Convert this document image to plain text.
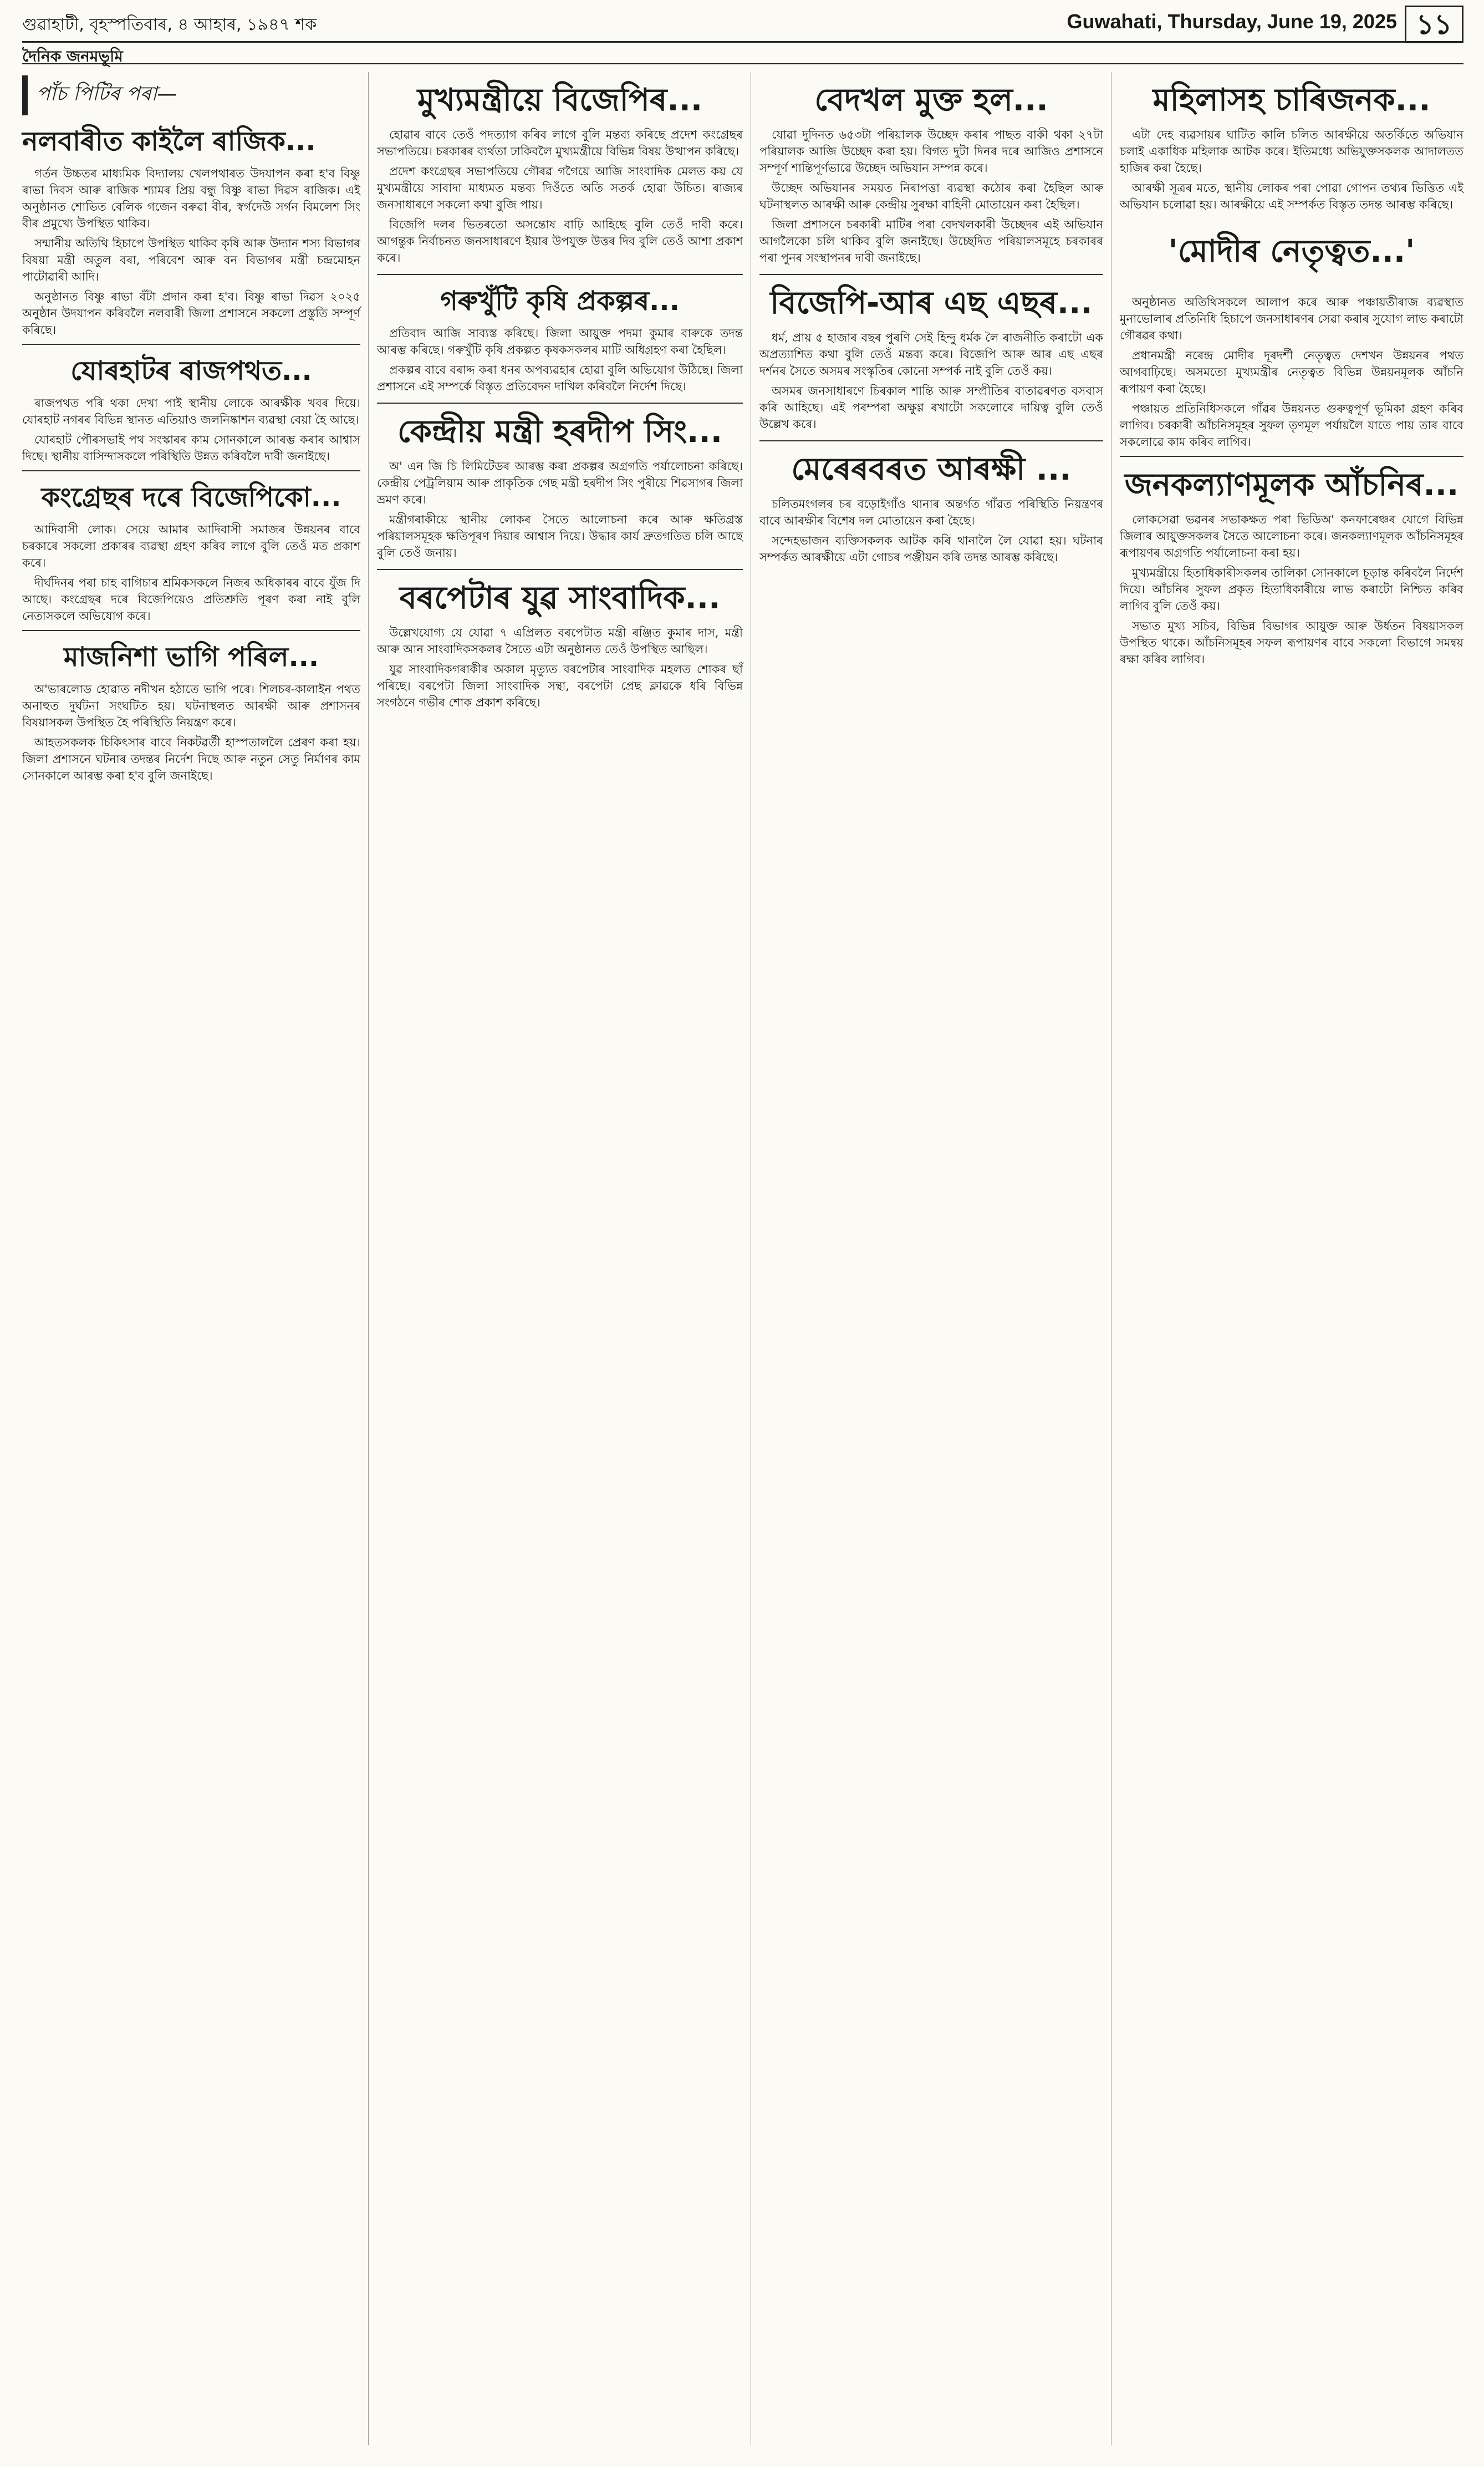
গুৱাহাটী, বৃহস্পতিবাৰ, ৪ আহাৰ, ১৯৪৭ শক	Guwahati, Thursday, June 19, 2025 ১১
দৈনিক জনমভূমি
পাঁচ পিটিৰ পৰা—
নলবাৰীত কাইলৈ ৰাজিক...

গৰ্তন উচ্চতৰ মাধ্যমিক বিদ্যালয় খেলপথাৰত উদযাপন কৰা হ'ব বিষ্ণু ৰাভা দিবস আৰু ৰাজিক শ্যামৰ প্ৰিয় বন্ধু বিষ্ণু ৰাভা দিৱস ৰাজিক। এই অনুষ্ঠানত শোভিত বেলিক গজেন বৰুৱা বীৰ, স্বৰ্গদেউ সৰ্গন বিমলেশ সিং বীৰ প্ৰমুখ্যে উপস্থিত থাকিব।

সন্মানীয় অতিথি হিচাপে উপস্থিত থাকিব কৃষি আৰু উদ্যান শস্য বিভাগৰ বিষয়া মন্ত্ৰী অতুল বৰা, পৰিবেশ আৰু বন বিভাগৰ মন্ত্ৰী চন্দ্ৰমোহন পাটোৱাৰী আদি।

অনুষ্ঠানত বিষ্ণু ৰাভা বঁটা প্ৰদান কৰা হ'ব। বিষ্ণু ৰাভা দিৱস ২০২৫ অনুষ্ঠান উদযাপন কৰিবলৈ নলবাৰী জিলা প্ৰশাসনে সকলো প্ৰস্তুতি সম্পূৰ্ণ কৰিছে।

যোৰহাটৰ ৰাজপথত...

ৰাজপথত পৰি থকা দেখা পাই স্থানীয় লোকে আৰক্ষীক খবৰ দিয়ে। যোৰহাট নগৰৰ বিভিন্ন স্থানত এতিয়াও জলনিষ্কাশন ব্যৱস্থা বেয়া হৈ আছে।

যোৰহাট পৌৰসভাই পথ সংস্কাৰৰ কাম সোনকালে আৰম্ভ কৰাৰ আশ্বাস দিছে। স্থানীয় বাসিন্দাসকলে পৰিস্থিতি উন্নত কৰিবলৈ দাবী জনাইছে।

কংগ্ৰেছৰ দৰে বিজেপিকো...

আদিবাসী লোক। সেয়ে আমাৰ আদিবাসী সমাজৰ উন্নয়নৰ বাবে চৰকাৰে সকলো প্ৰকাৰৰ ব্যৱস্থা গ্ৰহণ কৰিব লাগে বুলি তেওঁ মত প্ৰকাশ কৰে।

দীৰ্ঘদিনৰ পৰা চাহ বাগিচাৰ শ্ৰমিকসকলে নিজৰ অধিকাৰৰ বাবে যুঁজ দি আছে। কংগ্ৰেছৰ দৰে বিজেপিয়েও প্ৰতিশ্ৰুতি পূৰণ কৰা নাই বুলি নেতাসকলে অভিযোগ কৰে।

মাজনিশা ভাগি পৰিল...

অ'ভাৰলোড হোৱাত নদীখন হঠাতে ভাগি পৰে। শিলচৰ-কালাইন পথত অনাহুত দুৰ্ঘটনা সংঘটিত হয়। ঘটনাস্থলত আৰক্ষী আৰু প্ৰশাসনৰ বিষয়াসকল উপস্থিত হৈ পৰিস্থিতি নিয়ন্ত্ৰণ কৰে।

আহতসকলক চিকিৎসাৰ বাবে নিকটৱৰ্তী হাস্পতাললৈ প্ৰেৰণ কৰা হয়। জিলা প্ৰশাসনে ঘটনাৰ তদন্তৰ নিৰ্দেশ দিছে আৰু নতুন সেতু নিৰ্মাণৰ কাম সোনকালে আৰম্ভ কৰা হ'ব বুলি জনাইছে।

মুখ্যমন্ত্ৰীয়ে বিজেপিৰ...

হোৱাৰ বাবে তেওঁ পদত্যাগ কৰিব লাগে বুলি মন্তব্য কৰিছে প্ৰদেশ কংগ্ৰেছৰ সভাপতিয়ে। চৰকাৰৰ ব্যৰ্থতা ঢাকিবলৈ মুখ্যমন্ত্ৰীয়ে বিভিন্ন বিষয় উত্থাপন কৰিছে।

প্ৰদেশ কংগ্ৰেছৰ সভাপতিয়ে গৌৰৱ গগৈয়ে আজি সাংবাদিক মেলত কয় যে মুখ্যমন্ত্ৰীয়ে সাবাদা মাধ্যমত মন্তব্য দিওঁতে অতি সতৰ্ক হোৱা উচিত। ৰাজ্যৰ জনসাধাৰণে সকলো কথা বুজি পায়।

বিজেপি দলৰ ভিতৰতো অসন্তোষ বাঢ়ি আহিছে বুলি তেওঁ দাবী কৰে। আগন্তুক নিৰ্বাচনত জনসাধাৰণে ইয়াৰ উপযুক্ত উত্তৰ দিব বুলি তেওঁ আশা প্ৰকাশ কৰে।

গৰুখুঁটি কৃষি প্ৰকল্পৰ...

প্ৰতিবাদ আজি সাব্যস্ত কৰিছে। জিলা আয়ুক্ত পদমা কুমাৰ বাৰুকে তদন্ত আৰম্ভ কৰিছে। গৰুখুঁটি কৃষি প্ৰকল্পত কৃষকসকলৰ মাটি অধিগ্ৰহণ কৰা হৈছিল।

প্ৰকল্পৰ বাবে বৰাদ্দ কৰা ধনৰ অপব্যৱহাৰ হোৱা বুলি অভিযোগ উঠিছে। জিলা প্ৰশাসনে এই সম্পৰ্কে বিস্তৃত প্ৰতিবেদন দাখিল কৰিবলৈ নিৰ্দেশ দিছে।

কেন্দ্ৰীয় মন্ত্ৰী হৰদীপ সিং...

অ' এন জি চি লিমিটেডৰ আৰম্ভ কৰা প্ৰকল্পৰ অগ্ৰগতি পৰ্যালোচনা কৰিছে। কেন্দ্ৰীয় পেট্ৰলিয়াম আৰু প্ৰাকৃতিক গেছ মন্ত্ৰী হৰদীপ সিং পুৰীয়ে শিৱসাগৰ জিলা ভ্ৰমণ কৰে।

মন্ত্ৰীগৰাকীয়ে স্থানীয় লোকৰ সৈতে আলোচনা কৰে আৰু ক্ষতিগ্ৰস্ত পৰিয়ালসমূহক ক্ষতিপূৰণ দিয়াৰ আশ্বাস দিয়ে। উদ্ধাৰ কাৰ্য দ্ৰুতগতিত চলি আছে বুলি তেওঁ জনায়।

বৰপেটাৰ যুৱ সাংবাদিক...

উল্লেখযোগ্য যে যোৱা ৭ এপ্ৰিলত বৰপেটাত মন্ত্ৰী ৰঞ্জিত কুমাৰ দাস, মন্ত্ৰী আৰু আন সাংবাদিকসকলৰ সৈতে এটা অনুষ্ঠানত তেওঁ উপস্থিত আছিল।

যুৱ সাংবাদিকগৰাকীৰ অকাল মৃত্যুত বৰপেটাৰ সাংবাদিক মহলত শোকৰ ছাঁ পৰিছে। বৰপেটা জিলা সাংবাদিক সন্থা, বৰপেটা প্ৰেছ ক্লাৱকে ধৰি বিভিন্ন সংগঠনে গভীৰ শোক প্ৰকাশ কৰিছে।

বেদখল মুক্ত হল...

যোৱা দুদিনত ৬৫৩টা পৰিয়ালক উচ্ছেদ কৰাৰ পাছত বাকী থকা ২৭টা পৰিয়ালক আজি উচ্ছেদ কৰা হয়। বিগত দুটা দিনৰ দৰে আজিও প্ৰশাসনে সম্পূৰ্ণ শান্তিপূৰ্ণভাৱে উচ্ছেদ অভিযান সম্পন্ন কৰে।

উচ্ছেদ অভিযানৰ সময়ত নিৰাপত্তা ব্যৱস্থা কঠোৰ কৰা হৈছিল আৰু ঘটনাস্থলত আৰক্ষী আৰু কেন্দ্ৰীয় সুৰক্ষা বাহিনী মোতায়েন কৰা হৈছিল।

জিলা প্ৰশাসনে চৰকাৰী মাটিৰ পৰা বেদখলকাৰী উচ্ছেদৰ এই অভিযান আগলৈকো চলি থাকিব বুলি জনাইছে। উচ্ছেদিত পৰিয়ালসমূহে চৰকাৰৰ পৰা পুনৰ সংস্থাপনৰ দাবী জনাইছে।

বিজেপি-আৰ এছ এছৰ...

ধৰ্ম, প্ৰায় ৫ হাজাৰ বছৰ পুৰণি সেই হিন্দু ধৰ্মক লৈ ৰাজনীতি কৰাটো এক অপ্ৰত্যাশিত কথা বুলি তেওঁ মন্তব্য কৰে। বিজেপি আৰু আৰ এছ এছৰ দৰ্শনৰ সৈতে অসমৰ সংস্কৃতিৰ কোনো সম্পৰ্ক নাই বুলি তেওঁ কয়।

অসমৰ জনসাধাৰণে চিৰকাল শান্তি আৰু সম্প্ৰীতিৰ বাতাৱৰণত বসবাস কৰি আহিছে। এই পৰম্পৰা অক্ষুণ্ণ ৰখাটো সকলোৰে দায়িত্ব বুলি তেওঁ উল্লেখ কৰে।

মেৰেৰবৰত আৰক্ষী ...

চলিতমংগলৰ চৰ বড়োইগাঁও থানাৰ অন্তৰ্গত গাঁৱত পৰিস্থিতি নিয়ন্ত্ৰণৰ বাবে আৰক্ষীৰ বিশেষ দল মোতায়েন কৰা হৈছে।

সন্দেহভাজন ব্যক্তিসকলক আটক কৰি থানালৈ লৈ যোৱা হয়। ঘটনাৰ সম্পৰ্কত আৰক্ষীয়ে এটা গোচৰ পঞ্জীয়ন কৰি তদন্ত আৰম্ভ কৰিছে।

মহিলাসহ চাৰিজনক...

এটা দেহ ব্যৱসায়ৰ ঘাটিত কালি চলিত আৰক্ষীয়ে অতৰ্কিতে অভিযান চলাই একাধিক মহিলাক আটক কৰে। ইতিমধ্যে অভিযুক্তসকলক আদালতত হাজিৰ কৰা হৈছে।

আৰক্ষী সূত্ৰৰ মতে, স্থানীয় লোকৰ পৰা পোৱা গোপন তথ্যৰ ভিত্তিত এই অভিযান চলোৱা হয়। আৰক্ষীয়ে এই সম্পৰ্কত বিস্তৃত তদন্ত আৰম্ভ কৰিছে।

'মোদীৰ নেতৃত্বত...'

অনুষ্ঠানত অতিথিসকলে আলাপ কৰে আৰু পঞ্চায়তীৰাজ ব্যৱস্থাত মুনাভোলাৰ প্ৰতিনিধি হিচাপে জনসাধাৰণৰ সেৱা কৰাৰ সুযোগ লাভ কৰাটো গৌৰৱৰ কথা।

প্ৰধানমন্ত্ৰী নৰেন্দ্ৰ মোদীৰ দূৰদৰ্শী নেতৃত্বত দেশখন উন্নয়নৰ পথত আগবাঢ়িছে। অসমতো মুখ্যমন্ত্ৰীৰ নেতৃত্বত বিভিন্ন উন্নয়নমূলক আঁচনি ৰূপায়ণ কৰা হৈছে।

পঞ্চায়ত প্ৰতিনিধিসকলে গাঁৱৰ উন্নয়নত গুৰুত্বপূৰ্ণ ভূমিকা গ্ৰহণ কৰিব লাগিব। চৰকাৰী আঁচনিসমূহৰ সুফল তৃণমূল পৰ্যায়লৈ যাতে পায় তাৰ বাবে সকলোৱে কাম কৰিব লাগিব।

জনকল্যাণমূলক আঁচনিৰ...

লোকসেৱা ভৱনৰ সভাকক্ষত পৰা ভিডিঅ' কনফাৰেঞ্চৰ যোগে বিভিন্ন জিলাৰ আয়ুক্তসকলৰ সৈতে আলোচনা কৰে। জনকল্যাণমূলক আঁচনিসমূহৰ ৰূপায়ণৰ অগ্ৰগতি পৰ্যালোচনা কৰা হয়।

মুখ্যমন্ত্ৰীয়ে হিতাধিকাৰীসকলৰ তালিকা সোনকালে চূড়ান্ত কৰিবলৈ নিৰ্দেশ দিয়ে। আঁচনিৰ সুফল প্ৰকৃত হিতাধিকাৰীয়ে লাভ কৰাটো নিশ্চিত কৰিব লাগিব বুলি তেওঁ কয়।

সভাত মুখ্য সচিব, বিভিন্ন বিভাগৰ আয়ুক্ত আৰু উৰ্ধতন বিষয়াসকল উপস্থিত থাকে। আঁচনিসমূহৰ সফল ৰূপায়ণৰ বাবে সকলো বিভাগে সমন্বয় ৰক্ষা কৰিব লাগিব।
